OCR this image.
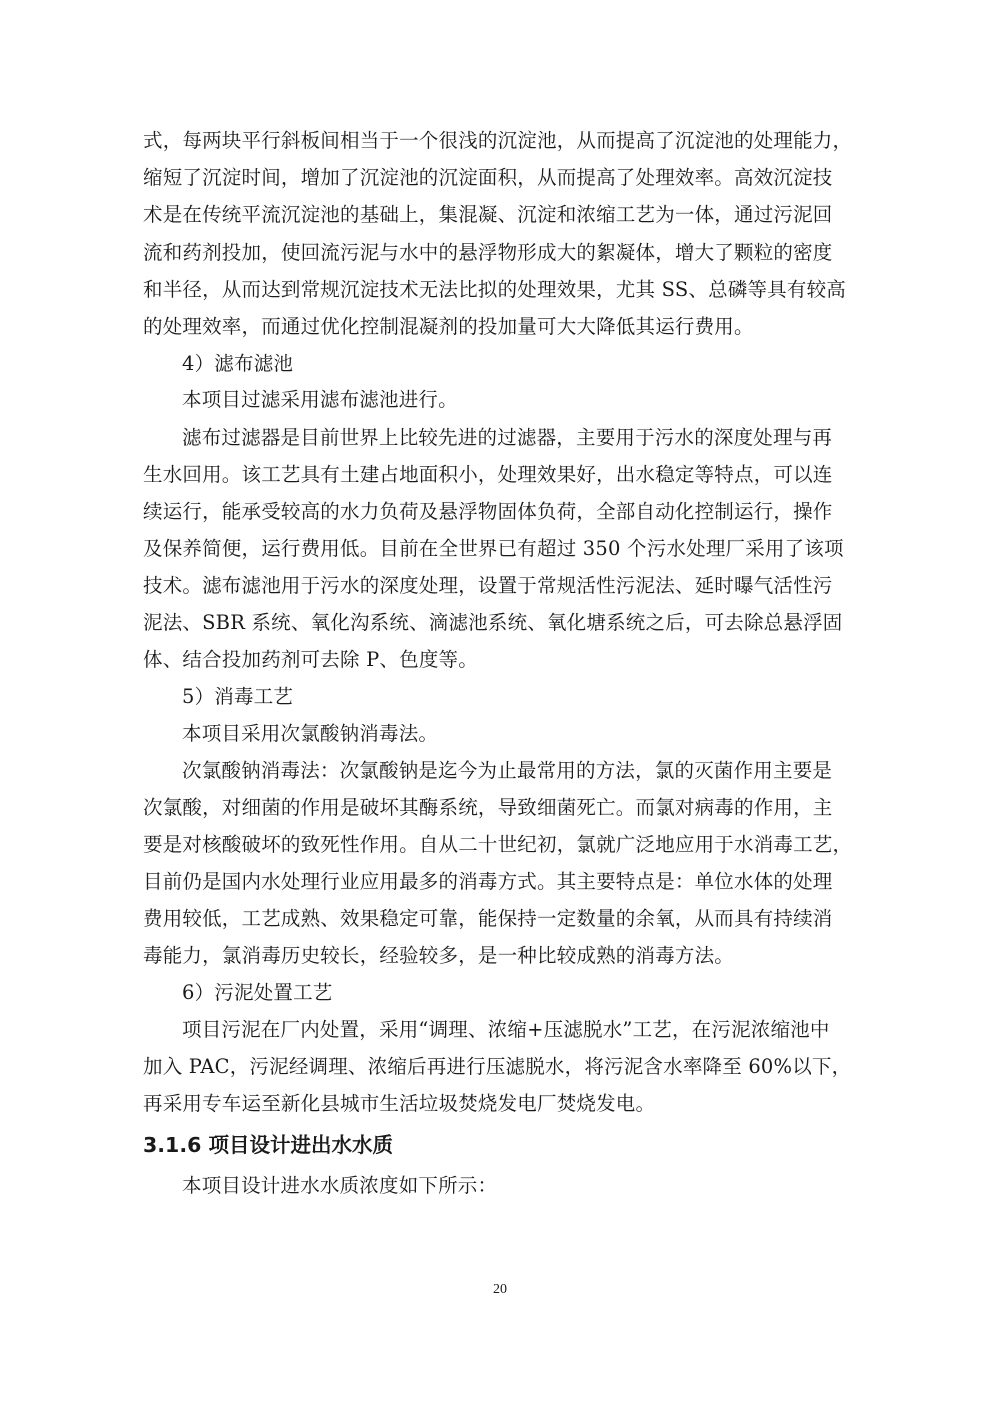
式，每两块平行斜板间相当于一个很浅的沉淀池，从而提高了沉淀池的处理能力，
缩短了沉淀时间，增加了沉淀池的沉淀面积，从而提高了处理效率。高效沉淀技
术是在传统平流沉淀池的基础上，集混凝、沉淀和浓缩工艺为一体，通过污泥回
流和药剂投加，使回流污泥与水中的悬浮物形成大的絮凝体，增大了颗粒的密度
和半径，从而达到常规沉淀技术无法比拟的处理效果，尤其 SS、总磷等具有较高
的处理效率，而通过优化控制混凝剂的投加量可大大降低其运行费用。
4）滤布滤池
本项目过滤采用滤布滤池进行。
滤布过滤器是目前世界上比较先进的过滤器，主要用于污水的深度处理与再
生水回用。该工艺具有土建占地面积小，处理效果好，出水稳定等特点，可以连
续运行，能承受较高的水力负荷及悬浮物固体负荷，全部自动化控制运行，操作
及保养简便，运行费用低。目前在全世界已有超过 350 个污水处理厂采用了该项
技术。滤布滤池用于污水的深度处理，设置于常规活性污泥法、延时曝气活性污
泥法、SBR 系统、氧化沟系统、滴滤池系统、氧化塘系统之后，可去除总悬浮固
体、结合投加药剂可去除 P、色度等。
5）消毒工艺
本项目采用次氯酸钠消毒法。
次氯酸钠消毒法：次氯酸钠是迄今为止最常用的方法，氯的灭菌作用主要是
次氯酸，对细菌的作用是破坏其酶系统，导致细菌死亡。而氯对病毒的作用，主
要是对核酸破坏的致死性作用。自从二十世纪初，氯就广泛地应用于水消毒工艺，
目前仍是国内水处理行业应用最多的消毒方式。其主要特点是：单位水体的处理
费用较低，工艺成熟、效果稳定可靠，能保持一定数量的余氧，从而具有持续消
毒能力，氯消毒历史较长，经验较多，是一种比较成熟的消毒方法。
6）污泥处置工艺
项目污泥在厂内处置，采用“调理、浓缩+压滤脱水”工艺，在污泥浓缩池中
加入 PAC，污泥经调理、浓缩后再进行压滤脱水，将污泥含水率降至 60%以下，
再采用专车运至新化县城市生活垃圾焚烧发电厂焚烧发电。
3.1.6 项目设计进出水水质
本项目设计进水水质浓度如下所示：
20
